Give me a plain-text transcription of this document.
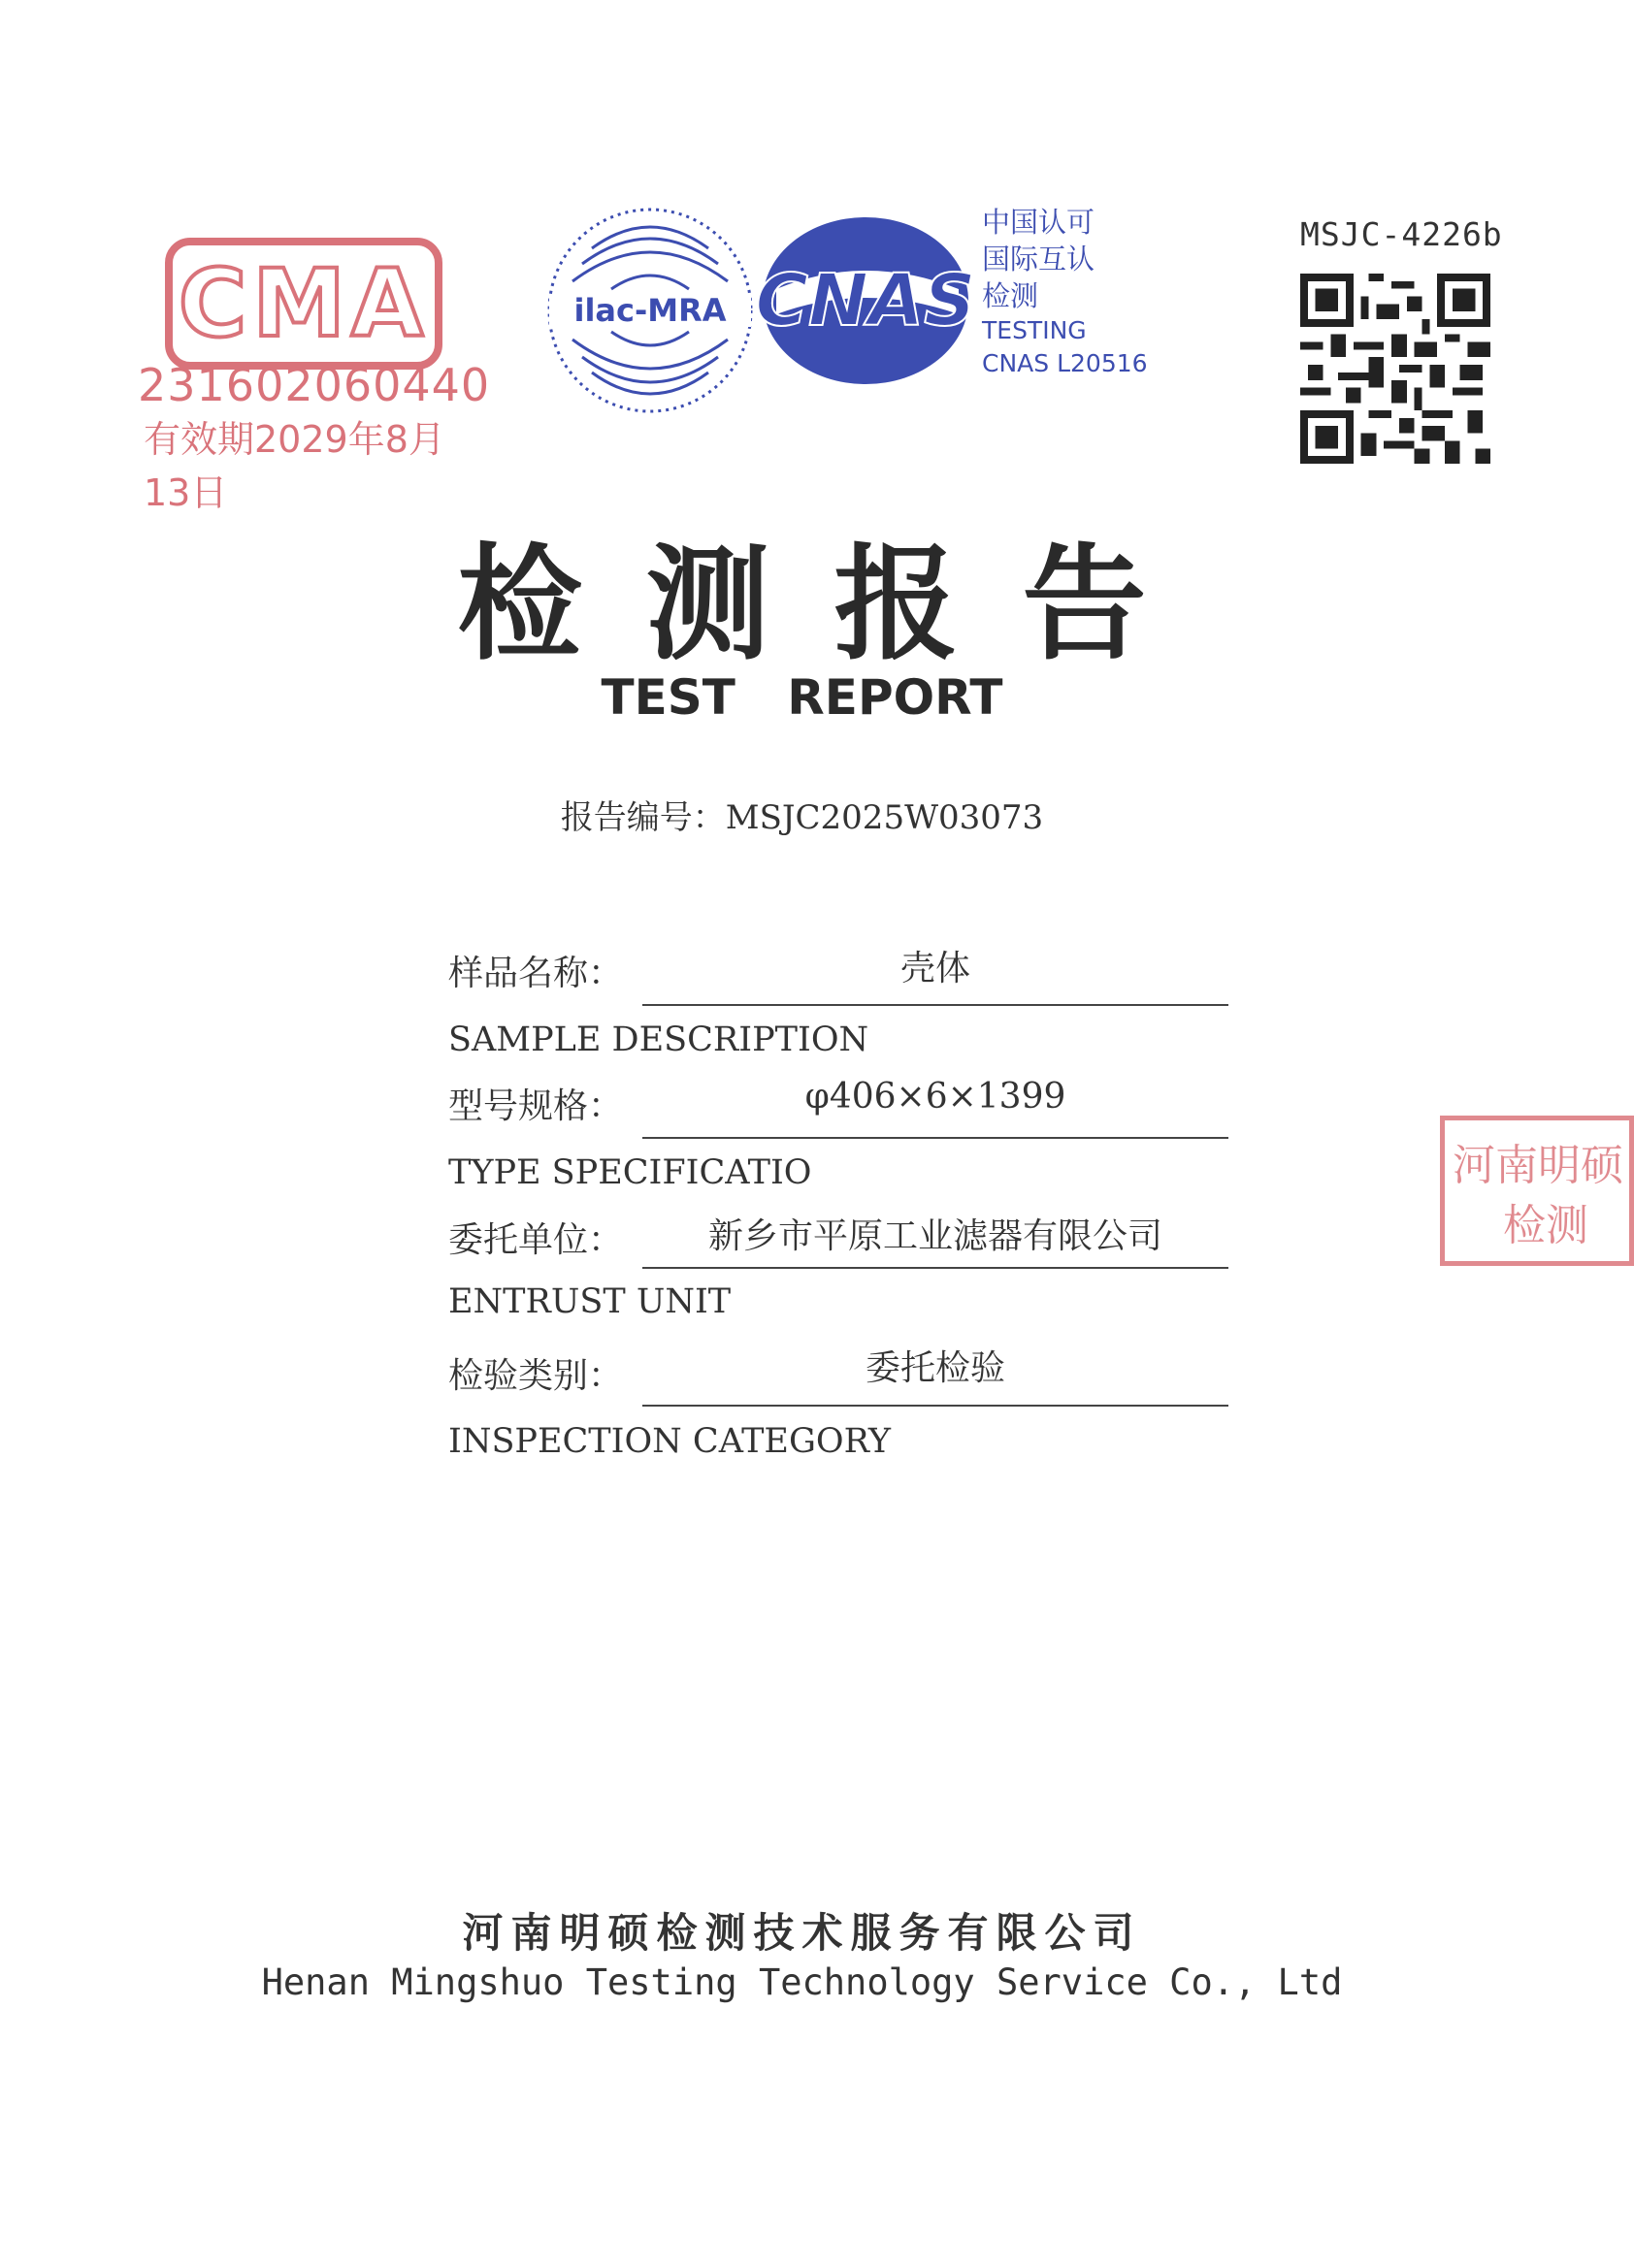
CMA
231602060440
有效期2029年8月13日
ilac-MRA CNAS
中国认可
国际互认
检测
TESTING
CNAS L20516
MSJC-4226b
检测报告
TEST REPORT
报告编号：MSJC2025W03073
样品名称：	壳体
SAMPLE DESCRIPTION
型号规格：	φ406×6×1399
TYPE SPECIFICATIO
委托单位：	新乡市平原工业滤器有限公司
ENTRUST UNIT
检验类别：	委托检验
INSPECTION CATEGORY
河南明硕
检测
河南明硕检测技术服务有限公司
Henan Mingshuo Testing Technology Service Co., Ltd
